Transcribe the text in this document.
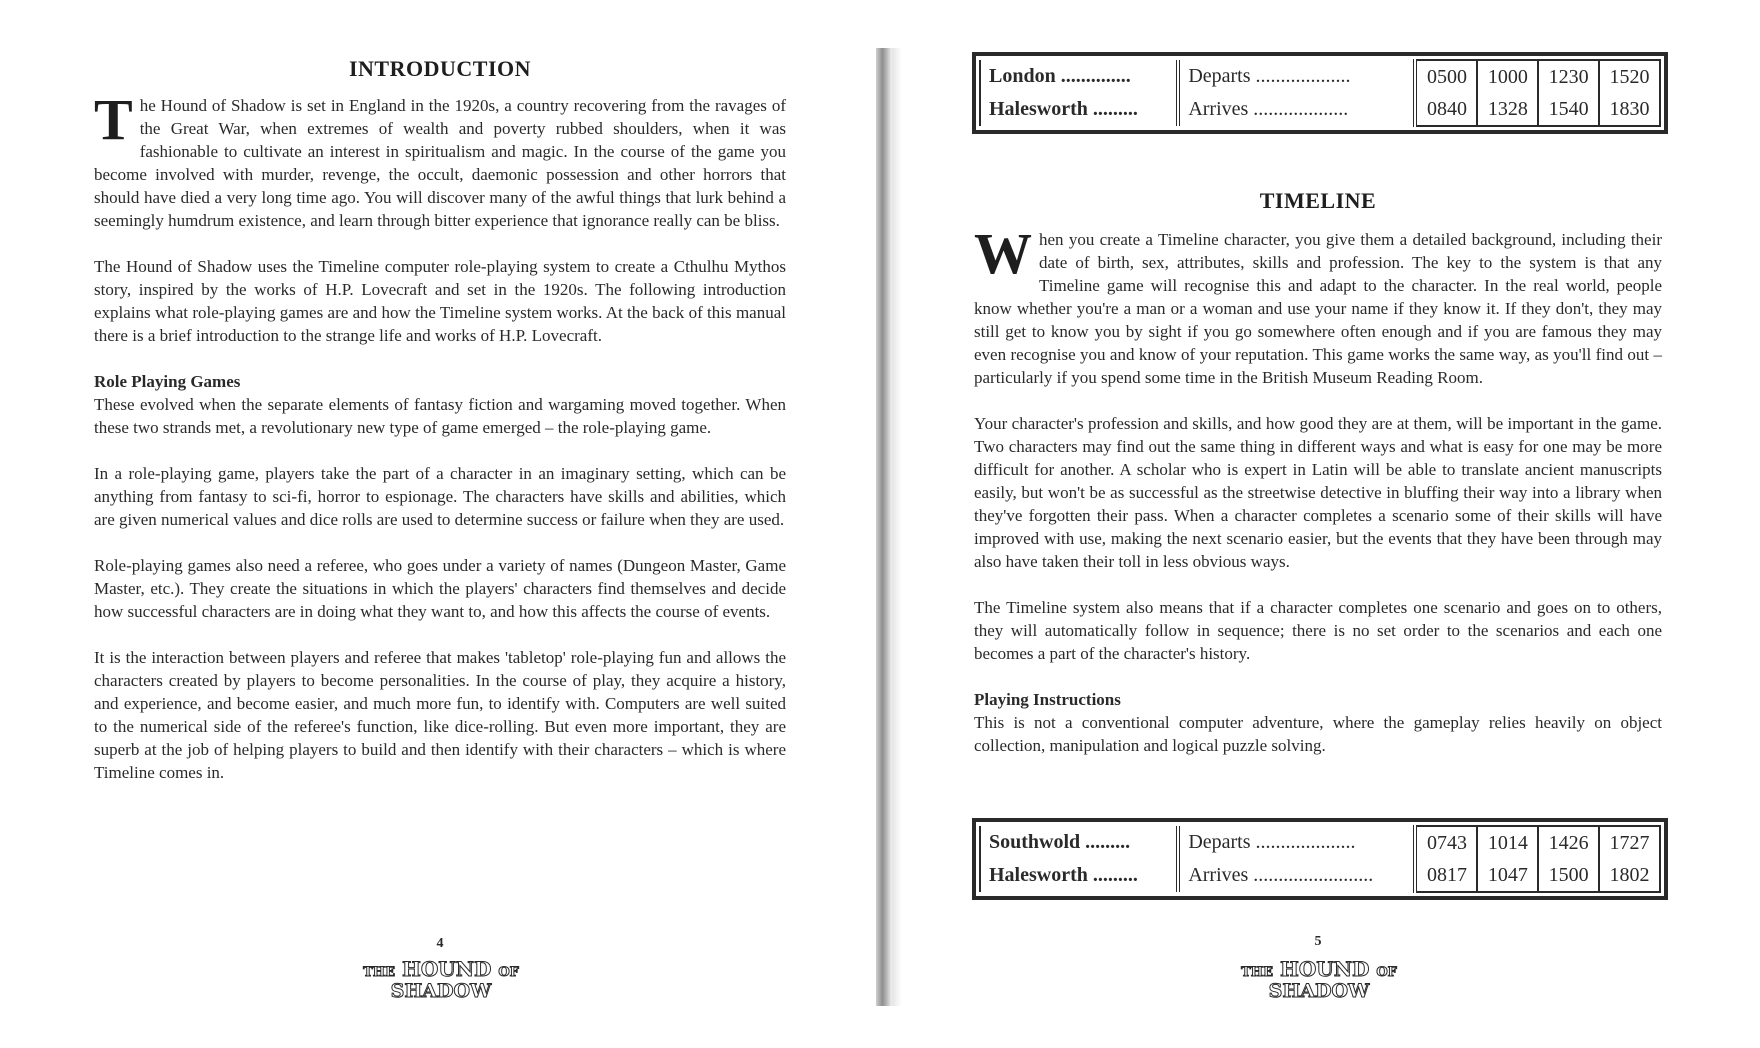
INTRODUCTION

The Hound of Shadow is set in England in the 1920s, a country recovering from the ravages of the Great War, when extremes of wealth and poverty rubbed shoulders, when it was fashionable to cultivate an interest in spiritualism and magic. In the course of the game you become involved with murder, revenge, the occult, daemonic possession and other horrors that should have died a very long time ago. You will discover many of the awful things that lurk behind a seemingly humdrum existence, and learn through bitter experience that ignorance really can be bliss.

The Hound of Shadow uses the Timeline computer role-playing system to create a Cthulhu Mythos story, inspired by the works of H.P. Lovecraft and set in the 1920s. The following introduction explains what role-playing games are and how the Timeline system works. At the back of this manual there is a brief introduction to the strange life and works of H.P. Lovecraft.

Role Playing Games
These evolved when the separate elements of fantasy fiction and wargaming moved together. When these two strands met, a revolutionary new type of game emerged – the role-playing game.

In a role-playing game, players take the part of a character in an imaginary setting, which can be anything from fantasy to sci-fi, horror to espionage. The characters have skills and abilities, which are given numerical values and dice rolls are used to determine success or failure when they are used.

Role-playing games also need a referee, who goes under a variety of names (Dungeon Master, Game Master, etc.). They create the situations in which the players' characters find themselves and decide how successful characters are in doing what they want to, and how this affects the course of events.

It is the interaction between players and referee that makes 'tabletop' role-playing fun and allows the characters created by players to become personalities. In the course of play, they acquire a history, and experience, and become easier, and much more fun, to identify with. Computers are well suited to the numerical side of the referee's function, like dice-rolling. But even more important, they are superb at the job of helping players to build and then identify with their characters – which is where Timeline comes in.

4
THE HOUND OF
SHADOW
London ..............	Departs ...................	0500	1000	1230	1520
Halesworth .........	Arrives ...................	0840	1328	1540	1830
TIMELINE

When you create a Timeline character, you give them a detailed background, including their date of birth, sex, attributes, skills and profession. The key to the system is that any Timeline game will recognise this and adapt to the character. In the real world, people know whether you're a man or a woman and use your name if they know it. If they don't, they may still get to know you by sight if you go somewhere often enough and if you are famous they may even recognise you and know of your reputation. This game works the same way, as you'll find out – particularly if you spend some time in the British Museum Reading Room.

Your character's profession and skills, and how good they are at them, will be important in the game. Two characters may find out the same thing in different ways and what is easy for one may be more difficult for another. A scholar who is expert in Latin will be able to translate ancient manuscripts easily, but won't be as successful as the streetwise detective in bluffing their way into a library when they've forgotten their pass. When a character completes a scenario some of their skills will have improved with use, making the next scenario easier, but the events that they have been through may also have taken their toll in less obvious ways.

The Timeline system also means that if a character completes one scenario and goes on to others, they will automatically follow in sequence; there is no set order to the scenarios and each one becomes a part of the character's history.

Playing Instructions
This is not a conventional computer adventure, where the gameplay relies heavily on object collection, manipulation and logical puzzle solving.

Southwold .........	Departs ....................	0743	1014	1426	1727
Halesworth .........	Arrives ........................	0817	1047	1500	1802
5
THE HOUND OF
SHADOW
